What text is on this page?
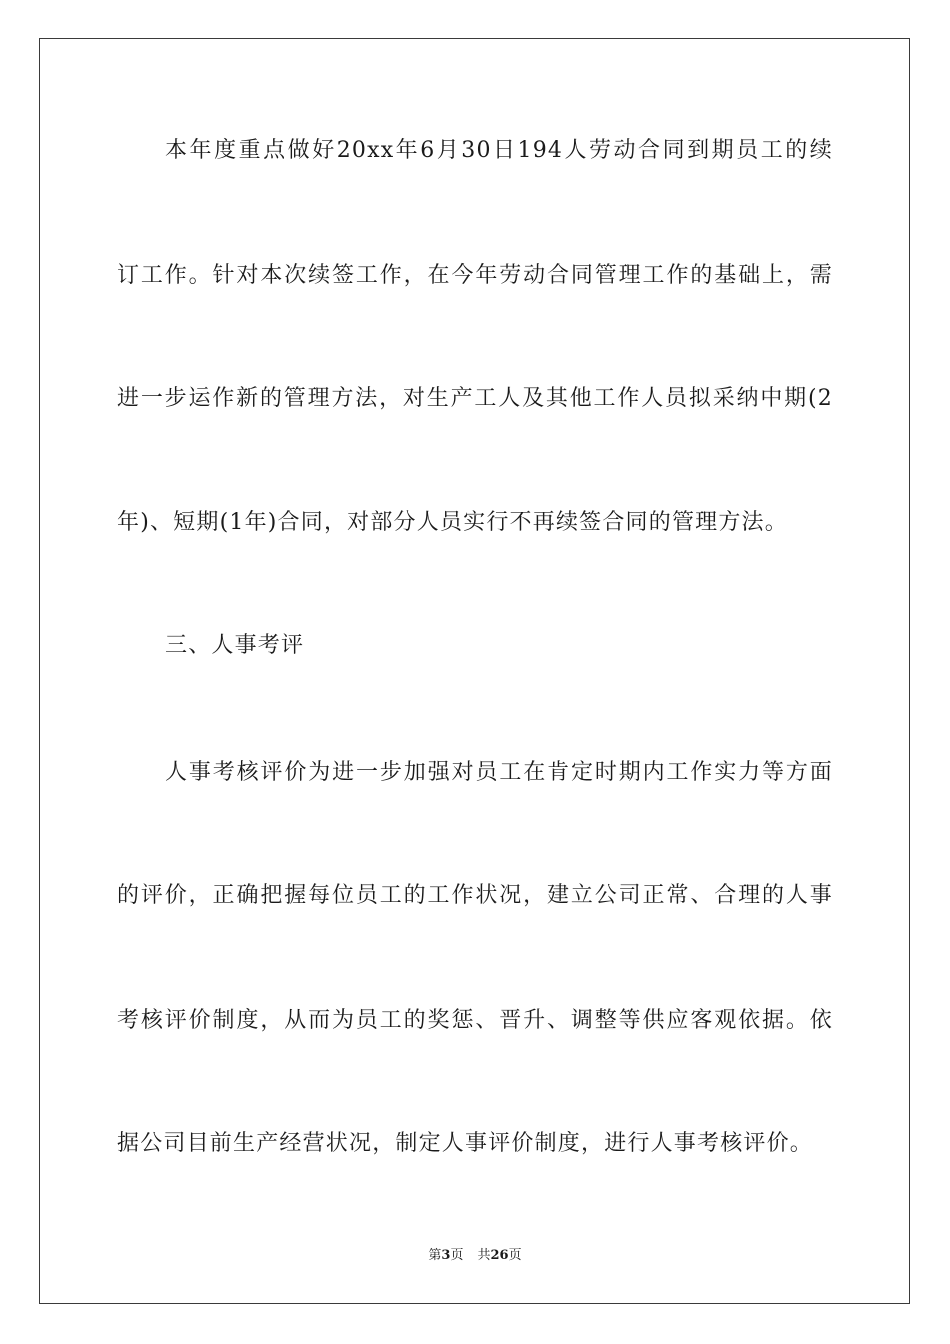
本年度重点做好20xx年6月30日194人劳动合同到期员工的续
订工作。针对本次续签工作，在今年劳动合同管理工作的基础上，需
进一步运作新的管理方法，对生产工人及其他工作人员拟采纳中期(2
年)、短期(1年)合同，对部分人员实行不再续签合同的管理方法。
三、人事考评
人事考核评价为进一步加强对员工在肯定时期内工作实力等方面
的评价，正确把握每位员工的工作状况，建立公司正常、合理的人事
考核评价制度，从而为员工的奖惩、晋升、调整等供应客观依据。依
据公司目前生产经营状况，制定人事评价制度，进行人事考核评价。
第3页 共26页
